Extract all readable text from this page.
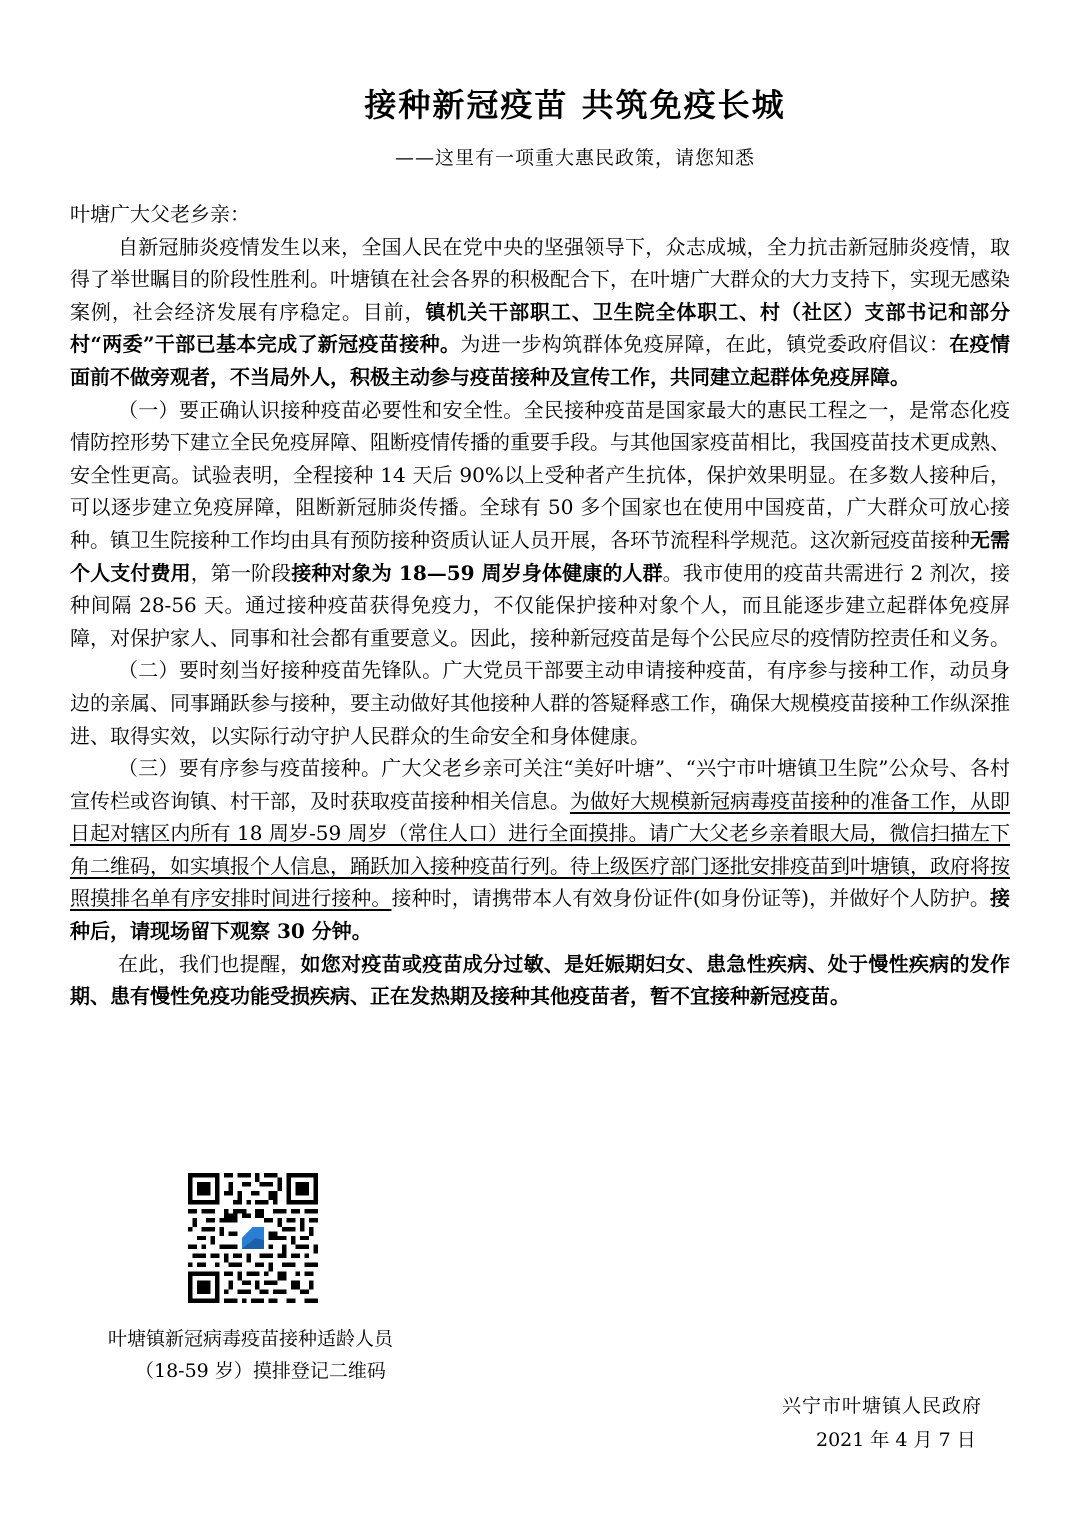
接种新冠疫苗 共筑免疫长城
——这里有一项重大惠民政策，请您知悉

叶塘广大父老乡亲：

自新冠肺炎疫情发生以来，全国人民在党中央的坚强领导下，众志成城，全力抗击新冠肺炎疫情，取得了举世瞩目的阶段性胜利。叶塘镇在社会各界的积极配合下，在叶塘广大群众的大力支持下，实现无感染案例，社会经济发展有序稳定。目前，镇机关干部职工、卫生院全体职工、村（社区）支部书记和部分村“两委”干部已基本完成了新冠疫苗接种。为进一步构筑群体免疫屏障，在此，镇党委政府倡议：在疫情面前不做旁观者，不当局外人，积极主动参与疫苗接种及宣传工作，共同建立起群体免疫屏障。

（一）要正确认识接种疫苗必要性和安全性。全民接种疫苗是国家最大的惠民工程之一，是常态化疫情防控形势下建立全民免疫屏障、阻断疫情传播的重要手段。与其他国家疫苗相比，我国疫苗技术更成熟、安全性更高。试验表明，全程接种 14 天后 90%以上受种者产生抗体，保护效果明显。在多数人接种后，可以逐步建立免疫屏障，阻断新冠肺炎传播。全球有 50 多个国家也在使用中国疫苗，广大群众可放心接种。镇卫生院接种工作均由具有预防接种资质认证人员开展，各环节流程科学规范。这次新冠疫苗接种无需个人支付费用，第一阶段接种对象为 18—59 周岁身体健康的人群。我市使用的疫苗共需进行 2 剂次，接种间隔 28-56 天。通过接种疫苗获得免疫力，不仅能保护接种对象个人，而且能逐步建立起群体免疫屏障，对保护家人、同事和社会都有重要意义。因此，接种新冠疫苗是每个公民应尽的疫情防控责任和义务。

（二）要时刻当好接种疫苗先锋队。广大党员干部要主动申请接种疫苗，有序参与接种工作，动员身边的亲属、同事踊跃参与接种，要主动做好其他接种人群的答疑释惑工作，确保大规模疫苗接种工作纵深推进、取得实效，以实际行动守护人民群众的生命安全和身体健康。

（三）要有序参与疫苗接种。广大父老乡亲可关注“美好叶塘”、“兴宁市叶塘镇卫生院”公众号、各村宣传栏或咨询镇、村干部，及时获取疫苗接种相关信息。为做好大规模新冠病毒疫苗接种的准备工作，从即日起对辖区内所有 18 周岁-59 周岁（常住人口）进行全面摸排。请广大父老乡亲着眼大局，微信扫描左下角二维码，如实填报个人信息，踊跃加入接种疫苗行列。待上级医疗部门逐批安排疫苗到叶塘镇，政府将按照摸排名单有序安排时间进行接种。接种时，请携带本人有效身份证件(如身份证等)，并做好个人防护。接种后，请现场留下观察 30 分钟。

在此，我们也提醒，如您对疫苗或疫苗成分过敏、是妊娠期妇女、患急性疾病、处于慢性疾病的发作期、患有慢性免疫功能受损疾病、正在发热期及接种其他疫苗者，暂不宜接种新冠疫苗。

叶塘镇新冠病毒疫苗接种适龄人员
（18-59 岁）摸排登记二维码
兴宁市叶塘镇人民政府
2021 年 4 月 7 日
